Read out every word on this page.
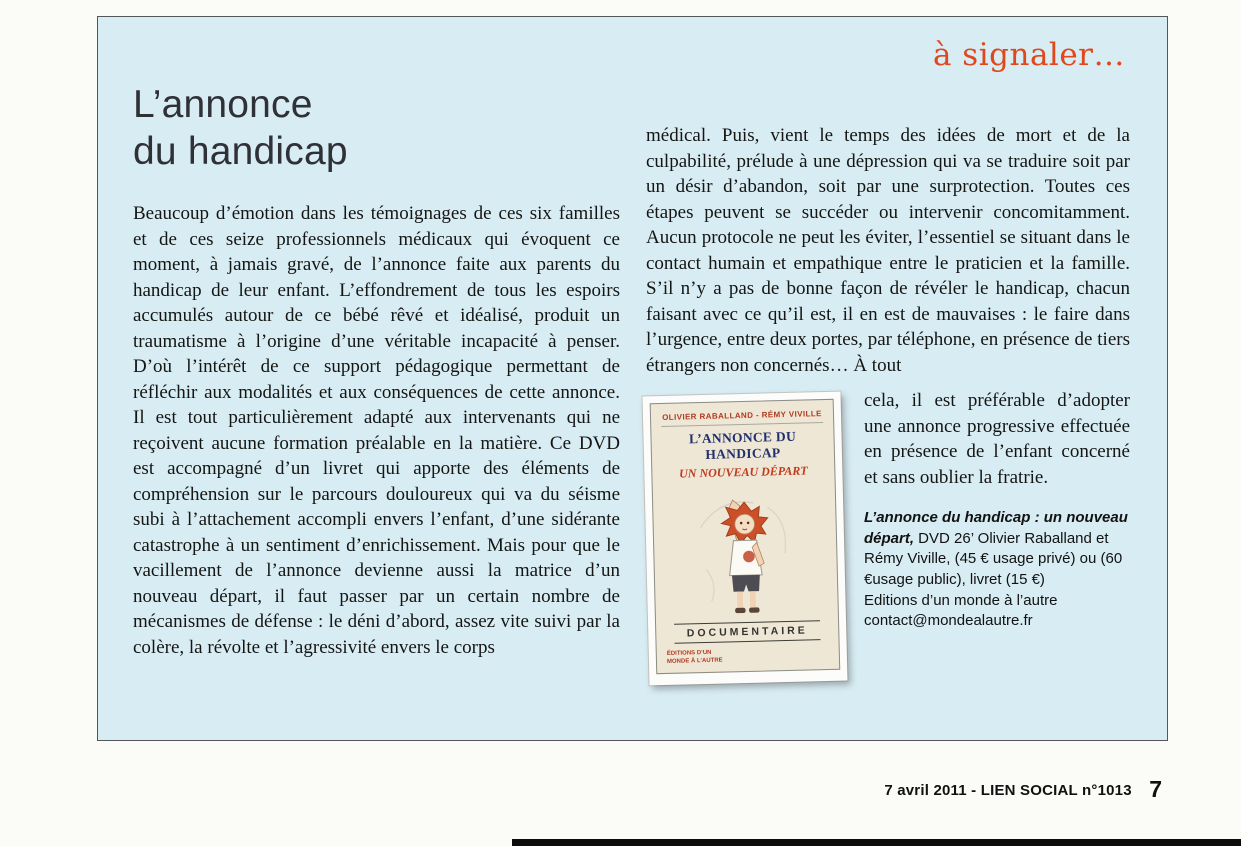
à signaler…
L’annonce
du handicap

Beaucoup d’émotion dans les témoignages de ces six familles et de ces seize professionnels médicaux qui évoquent ce moment, à jamais gravé, de l’annonce faite aux parents du handicap de leur enfant. L’effondrement de tous les espoirs accumulés autour de ce bébé rêvé et idéalisé, produit un traumatisme à l’origine d’une véritable incapacité à penser. D’où l’intérêt de ce support pédagogique permettant de réfléchir aux modalités et aux conséquences de cette annonce. Il est tout particulièrement adapté aux intervenants qui ne reçoivent aucune formation préalable en la matière. Ce DVD est accompagné d’un livret qui apporte des éléments de compréhension sur le parcours douloureux qui va du séisme subi à l’attachement accompli envers l’enfant, d’une sidérante catastrophe à un sentiment d’enrichissement. Mais pour que le vacillement de l’annonce devienne aussi la matrice d’un nouveau départ, il faut passer par un certain nombre de mécanismes de défense : le déni d’abord, assez vite suivi par la colère, la révolte et l’agressivité envers le corps

médical. Puis, vient le temps des idées de mort et de la culpabilité, prélude à une dépression qui va se traduire soit par un désir d’abandon, soit par une surprotection. Toutes ces étapes peuvent se succéder ou intervenir concomitamment. Aucun protocole ne peut les éviter, l’essentiel se situant dans le contact humain et empathique entre le praticien et la famille. S’il n’y a pas de bonne façon de révéler le handicap, chacun faisant avec ce qu’il est, il en est de mauvaises : le faire dans l’urgence, entre deux portes, par téléphone, en présence de tiers étrangers non concernés… À tout

OLIVIER RABALLAND - RÉMY VIVILLE
L’ANNONCE DU HANDICAP
UN NOUVEAU DÉPART
DOCUMENTAIRE
ÉDITIONS D’UN MONDE À L’AUTRE

cela, il est préférable d’adopter une annonce progressive effectuée en présence de l’enfant concerné et sans oublier la fratrie.

L’annonce du handicap : un nouveau départ, DVD 26’ Olivier Raballand et Rémy Viville, (45 € usage privé) ou (60 €usage public), livret (15 €)
Editions d’un monde à l’autre
contact@mondealautre.fr
7 avril 2011 - LIEN SOCIAL n°1013 7
